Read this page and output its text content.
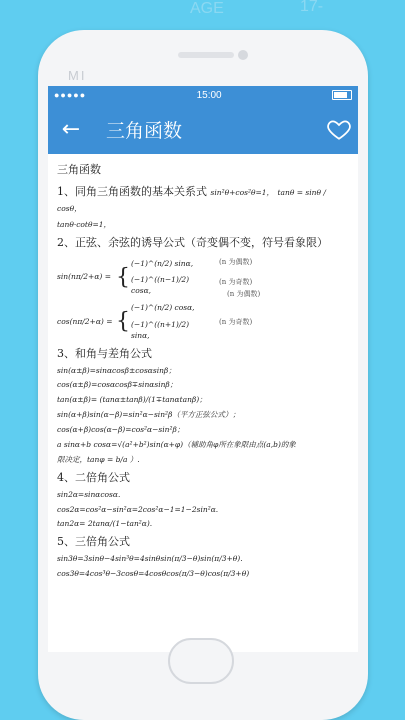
17-
AGE
MI
●●●●●	15:00
←	三角函数

三角函数

1、同角三角函数的基本关系式 sin²θ+cos²θ=1， tanθ = sinθ / cosθ，

tanθ·cotθ=1，

2、正弦、余弦的诱导公式（奇变偶不变，符号看象限）

sin(nπ/2+α) = {
(−1)^(n/2) sinα,
(−1)^((n−1)/2) cosα,
(n 为偶数)
(n 为奇数)
(n 为偶数)
cos(nπ/2+α) = {
(−1)^(n/2) cosα,
(−1)^((n+1)/2) sinα,
(n 为奇数)

3、和角与差角公式

sin(α±β)=sinαcosβ±cosαsinβ；

cos(α±β)=cosαcosβ∓sinαsinβ；

tan(α±β)= (tanα±tanβ)/(1∓tanαtanβ)；

sin(α+β)sin(α−β)=sin²α−sin²β（平方正弦公式）；

cos(α+β)cos(α−β)=cos²α−sin²β；

a sinα+b cosα=√(a²+b²)sin(α+φ)（辅助角φ所在象限由点(a,b)的象

限决定，tanφ = b/a ）.

4、二倍角公式

sin2α=sinαcosα.

cos2α=cos²α−sin²α=2cos²α−1=1−2sin²α.

tan2α= 2tanα/(1−tan²α).

5、三倍角公式

sin3θ=3sinθ−4sin³θ=4sinθsin(π/3−θ)sin(π/3+θ).

cos3θ=4cos³θ−3cosθ=4cosθcos(π/3−θ)cos(π/3+θ)
